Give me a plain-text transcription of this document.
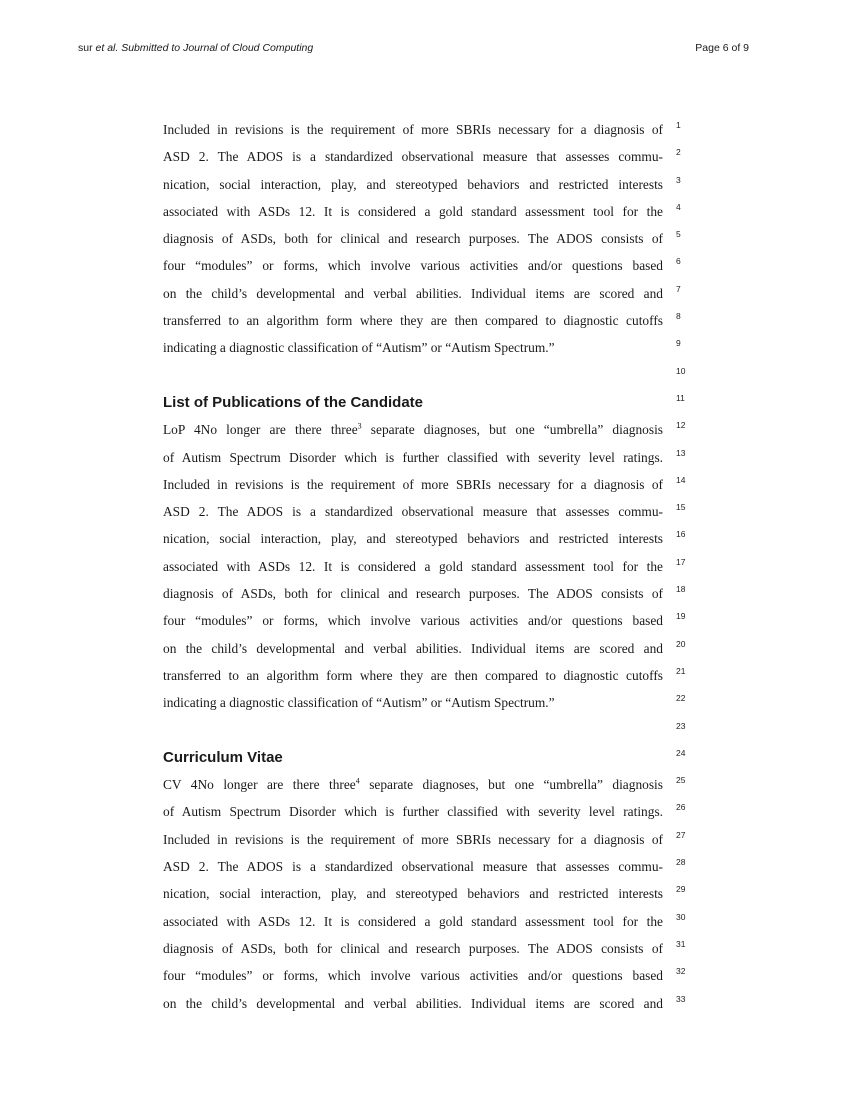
sur et al. Submitted to Journal of Cloud Computing	Page 6 of 9
1
2
3
4
5
6
7
8
9
10
11
12
13
14
15
16
17
18
19
20
21
22
23
24
25
26
27
28
29
30
31
32
33
Included in revisions is the requirement of more SBRIs necessary for a diagnosis of
ASD 2. The ADOS is a standardized observational measure that assesses commu-
nication, social interaction, play, and stereotyped behaviors and restricted interests
associated with ASDs 12. It is considered a gold standard assessment tool for the
diagnosis of ASDs, both for clinical and research purposes. The ADOS consists of
four “modules” or forms, which involve various activities and/or questions based
on the child’s developmental and verbal abilities. Individual items are scored and
transferred to an algorithm form where they are then compared to diagnostic cutoffs
indicating a diagnostic classification of “Autism” or “Autism Spectrum.”
List of Publications of the Candidate
LoP 4No longer are there three$^3$ separate diagnoses, but one “umbrella” diagnosis
of Autism Spectrum Disorder which is further classified with severity level ratings.
Included in revisions is the requirement of more SBRIs necessary for a diagnosis of
ASD 2. The ADOS is a standardized observational measure that assesses commu-
nication, social interaction, play, and stereotyped behaviors and restricted interests
associated with ASDs 12. It is considered a gold standard assessment tool for the
diagnosis of ASDs, both for clinical and research purposes. The ADOS consists of
four “modules” or forms, which involve various activities and/or questions based
on the child’s developmental and verbal abilities. Individual items are scored and
transferred to an algorithm form where they are then compared to diagnostic cutoffs
indicating a diagnostic classification of “Autism” or “Autism Spectrum.”
Curriculum Vitae
CV 4No longer are there three$^4$ separate diagnoses, but one “umbrella” diagnosis
of Autism Spectrum Disorder which is further classified with severity level ratings.
Included in revisions is the requirement of more SBRIs necessary for a diagnosis of
ASD 2. The ADOS is a standardized observational measure that assesses commu-
nication, social interaction, play, and stereotyped behaviors and restricted interests
associated with ASDs 12. It is considered a gold standard assessment tool for the
diagnosis of ASDs, both for clinical and research purposes. The ADOS consists of
four “modules” or forms, which involve various activities and/or questions based
on the child’s developmental and verbal abilities. Individual items are scored and
